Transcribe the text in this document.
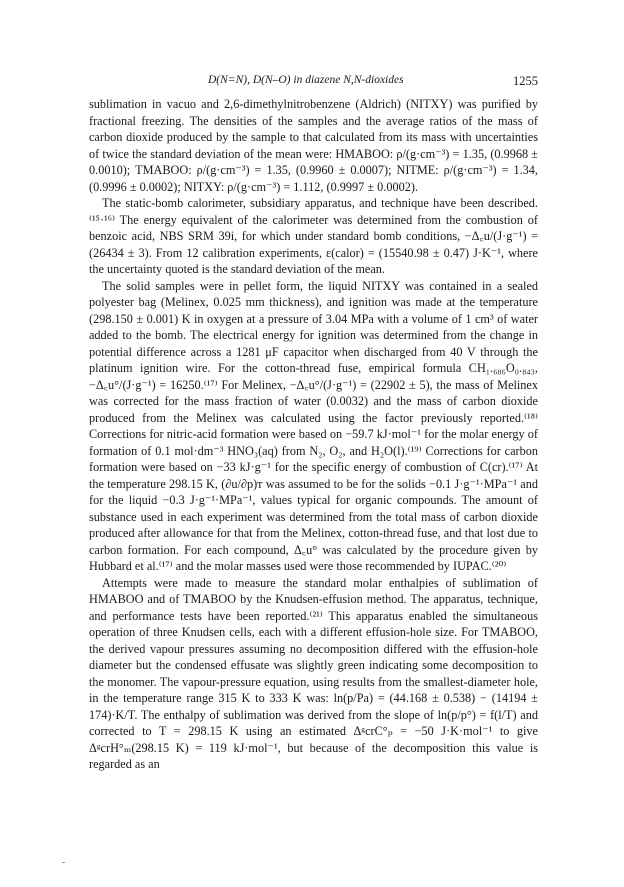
D(N=N), D(N–O) in diazene N,N-dioxides	1255

sublimation in vacuo and 2,6-dimethylnitrobenzene (Aldrich) (NITXY) was purified by fractional freezing. The densities of the samples and the average ratios of the mass of carbon dioxide produced by the sample to that calculated from its mass with uncertainties of twice the standard deviation of the mean were: HMABOO: ρ/(g·cm⁻³) = 1.35, (0.9968 ± 0.0010); TMABOO: ρ/(g·cm⁻³) = 1.35, (0.9960 ± 0.0007); NITME: ρ/(g·cm⁻³) = 1.34, (0.9996 ± 0.0002); NITXY: ρ/(g·cm⁻³) = 1.112, (0.9997 ± 0.0002).

The static-bomb calorimeter, subsidiary apparatus, and technique have been described.⁽¹⁵·¹⁶⁾ The energy equivalent of the calorimeter was determined from the combustion of benzoic acid, NBS SRM 39i, for which under standard bomb conditions, −Δ꜀u/(J·g⁻¹) = (26434 ± 3). From 12 calibration experiments, ε(calor) = (15540.98 ± 0.47) J·K⁻¹, where the uncertainty quoted is the standard deviation of the mean.

The solid samples were in pellet form, the liquid NITXY was contained in a sealed polyester bag (Melinex, 0.025 mm thickness), and ignition was made at the temperature (298.150 ± 0.001) K in oxygen at a pressure of 3.04 MPa with a volume of 1 cm³ of water added to the bomb. The electrical energy for ignition was determined from the change in potential difference across a 1281 μF capacitor when discharged from 40 V through the platinum ignition wire. For the cotton-thread fuse, empirical formula CH₁.₆₈₆O₀.₈₄₃, −Δ꜀u°/(J·g⁻¹) = 16250.⁽¹⁷⁾ For Melinex, −Δ꜀u°/(J·g⁻¹) = (22902 ± 5), the mass of Melinex was corrected for the mass fraction of water (0.0032) and the mass of carbon dioxide produced from the Melinex was calculated using the factor previously reported.⁽¹⁸⁾ Corrections for nitric-acid formation were based on −59.7 kJ·mol⁻¹ for the molar energy of formation of 0.1 mol·dm⁻³ HNO₃(aq) from N₂, O₂, and H₂O(l).⁽¹⁹⁾ Corrections for carbon formation were based on −33 kJ·g⁻¹ for the specific energy of combustion of C(cr).⁽¹⁷⁾ At the temperature 298.15 K, (∂u/∂p)ᴛ was assumed to be for the solids −0.1 J·g⁻¹·MPa⁻¹ and for the liquid −0.3 J·g⁻¹·MPa⁻¹, values typical for organic compounds. The amount of substance used in each experiment was determined from the total mass of carbon dioxide produced after allowance for that from the Melinex, cotton-thread fuse, and that lost due to carbon formation. For each compound, Δ꜀u° was calculated by the procedure given by Hubbard et al.⁽¹⁷⁾ and the molar masses used were those recommended by IUPAC.⁽²⁰⁾

Attempts were made to measure the standard molar enthalpies of sublimation of HMABOO and of TMABOO by the Knudsen-effusion method. The apparatus, technique, and performance tests have been reported.⁽²¹⁾ This apparatus enabled the simultaneous operation of three Knudsen cells, each with a different effusion-hole size. For TMABOO, the derived vapour pressures assuming no decomposition differed with the effusion-hole diameter but the condensed effusate was slightly green indicating some decomposition to the monomer. The vapour-pressure equation, using results from the smallest-diameter hole, in the temperature range 315 K to 333 K was: ln(p/Pa) = (44.168 ± 0.538) − (14194 ± 174)·K/T. The enthalpy of sublimation was derived from the slope of ln(p/p°) = f(l/T) and corrected to T = 298.15 K using an estimated ΔᵍcrC°ₚ = −50 J·K·mol⁻¹ to give ΔᵍcrH°ₘ(298.15 K) = 119 kJ·mol⁻¹, but because of the decomposition this value is regarded as an
